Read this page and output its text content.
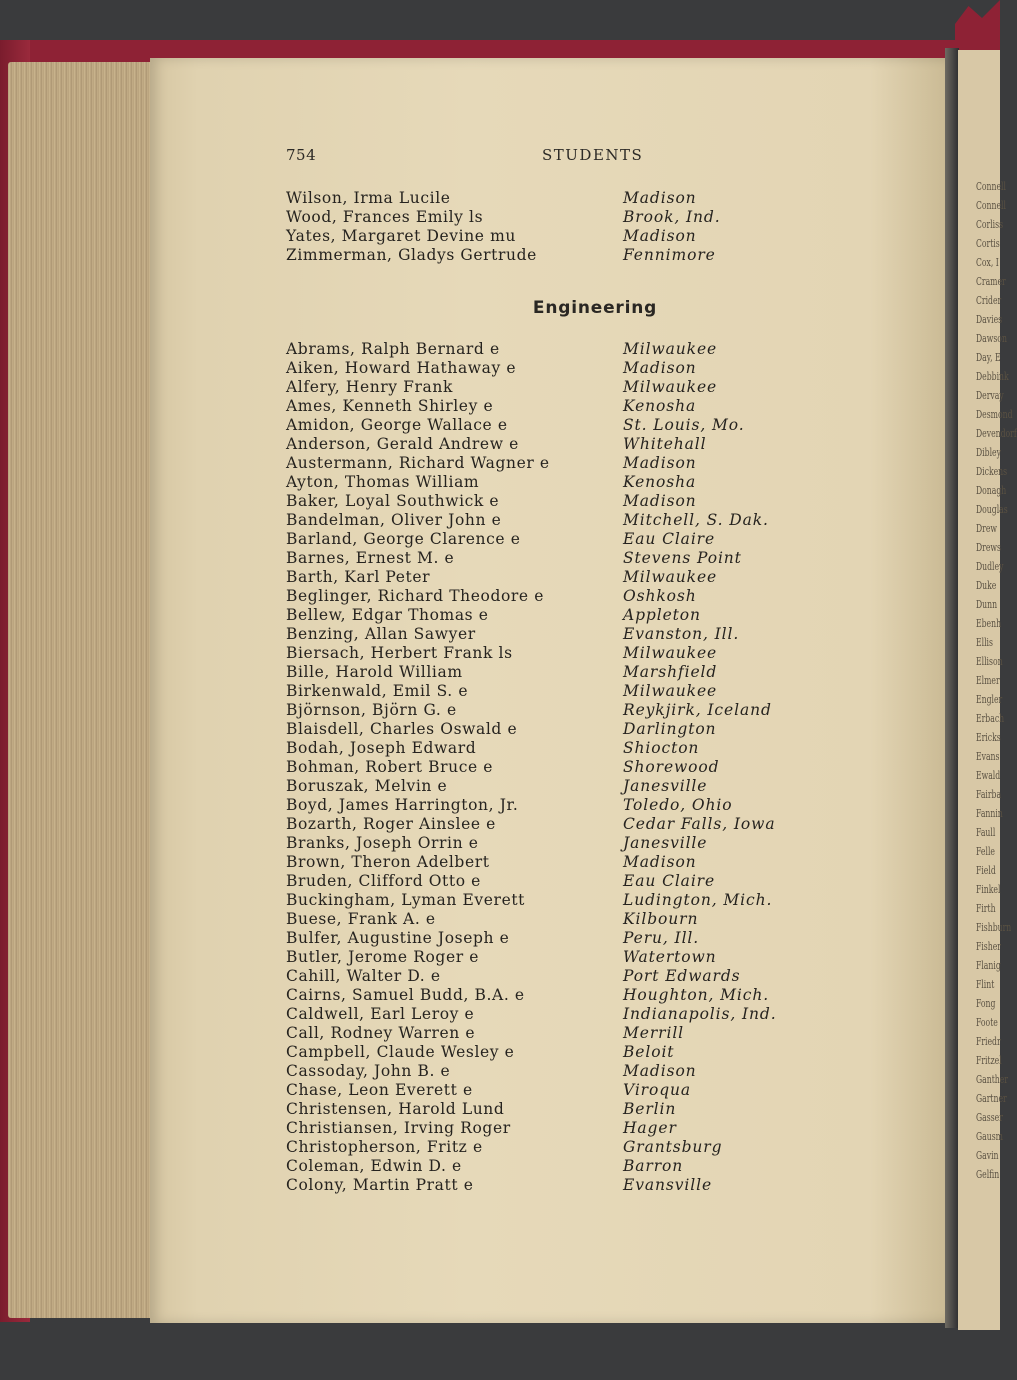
Connell
Connell
Corliss
Cortis
Cox, I
Cramer
Crider
Davies
Dawson
Day, E
Debbink
Dervay
Desmond
Devendorf
Dibley
Dickens
Donagh
Douglas
Drew
Drews
Dudley
Duke
Dunn
Ebenh
Ellis
Ellison
Elmer
Engler
Erbach
Ericks
Evans
Ewald
Fairba
Fannin
Faull
Felle
Field
Finkel
Firth
Fishburn
Fisher
Flanig
Flint
Fong
Foote
Friedr
Fritzel
Ganther
Gartner
Gasser
Gausm
Gavin
Gelfin
754	STUDENTS
Wilson, Irma Lucile	Madison
Wood, Frances Emily ls	Brook, Ind.
Yates, Margaret Devine mu	Madison
Zimmerman, Gladys Gertrude	Fennimore
Engineering
Abrams, Ralph Bernard e	Milwaukee
Aiken, Howard Hathaway e	Madison
Alfery, Henry Frank	Milwaukee
Ames, Kenneth Shirley e	Kenosha
Amidon, George Wallace e	St. Louis, Mo.
Anderson, Gerald Andrew e	Whitehall
Austermann, Richard Wagner e	Madison
Ayton, Thomas William	Kenosha
Baker, Loyal Southwick e	Madison
Bandelman, Oliver John e	Mitchell, S. Dak.
Barland, George Clarence e	Eau Claire
Barnes, Ernest M. e	Stevens Point
Barth, Karl Peter	Milwaukee
Beglinger, Richard Theodore e	Oshkosh
Bellew, Edgar Thomas e	Appleton
Benzing, Allan Sawyer	Evanston, Ill.
Biersach, Herbert Frank ls	Milwaukee
Bille, Harold William	Marshfield
Birkenwald, Emil S. e	Milwaukee
Björnson, Björn G. e	Reykjirk, Iceland
Blaisdell, Charles Oswald e	Darlington
Bodah, Joseph Edward	Shiocton
Bohman, Robert Bruce e	Shorewood
Boruszak, Melvin e	Janesville
Boyd, James Harrington, Jr.	Toledo, Ohio
Bozarth, Roger Ainslee e	Cedar Falls, Iowa
Branks, Joseph Orrin e	Janesville
Brown, Theron Adelbert	Madison
Bruden, Clifford Otto e	Eau Claire
Buckingham, Lyman Everett	Ludington, Mich.
Buese, Frank A. e	Kilbourn
Bulfer, Augustine Joseph e	Peru, Ill.
Butler, Jerome Roger e	Watertown
Cahill, Walter D. e	Port Edwards
Cairns, Samuel Budd, B.A. e	Houghton, Mich.
Caldwell, Earl Leroy e	Indianapolis, Ind.
Call, Rodney Warren e	Merrill
Campbell, Claude Wesley e	Beloit
Cassoday, John B. e	Madison
Chase, Leon Everett e	Viroqua
Christensen, Harold Lund	Berlin
Christiansen, Irving Roger	Hager
Christopherson, Fritz e	Grantsburg
Coleman, Edwin D. e	Barron
Colony, Martin Pratt e	Evansville
